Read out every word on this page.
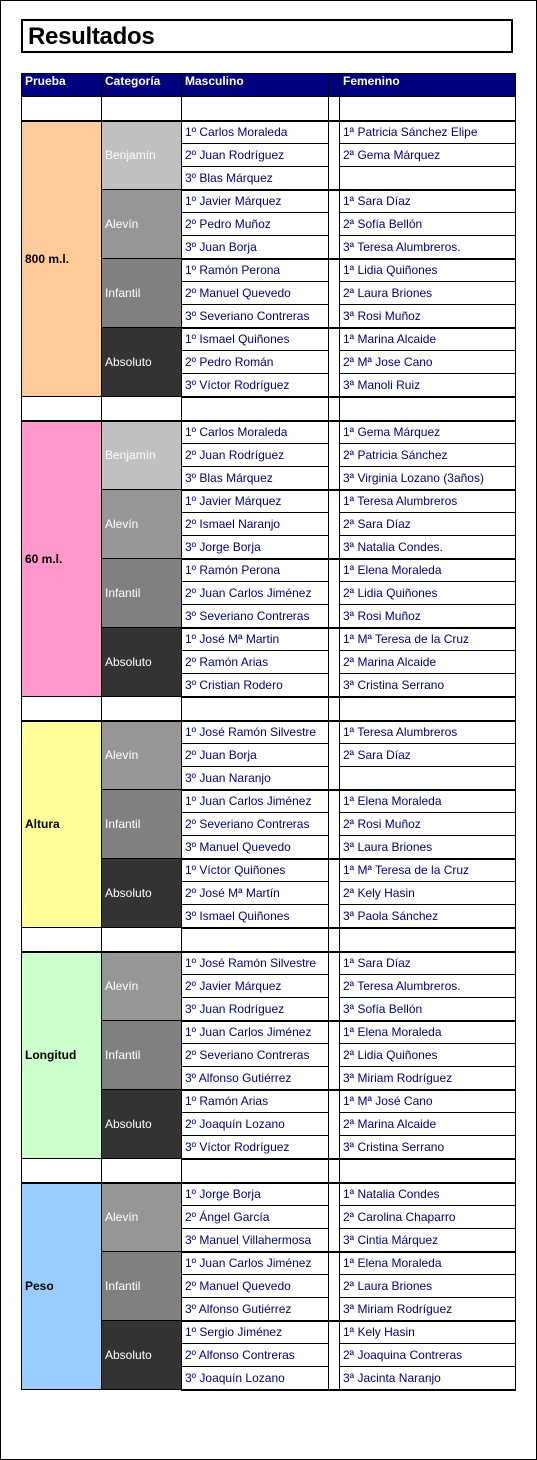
Resultados
Prueba	Categoría	Masculino		Femenino

800 m.l.	Benjamín	1º Carlos Moraleda		1ª Patricia Sánchez Elipe
		2º Juan Rodríguez		2ª Gema Márquez
		3º Blas Márquez		
	Alevín	1º Javier Márquez		1ª Sara Díaz
		2º Pedro Muñoz		2ª Sofía Bellón
		3º Juan Borja		3ª Teresa Alumbreros.
	Infantil	1º Ramón Perona		1ª Lidia Quiñones
		2º Manuel Quevedo		2ª Laura Briones
		3º Severiano Contreras		3ª Rosi Muñoz
	Absoluto	1º Ismael Quiñones		1ª Marina Alcaide
		2º Pedro Román		2ª Mª Jose Cano
		3º Víctor Rodríguez		3ª Manoli Ruiz

60 m.l.	Benjamín	1º Carlos Moraleda		1ª Gema Márquez
		2º Juan Rodríguez		2ª Patricia Sánchez
		3º Blas Márquez		3ª Virginia Lozano (3años)
	Alevín	1º Javier Márquez		1ª Teresa Alumbreros
		2º Ismael Naranjo		2ª Sara Díaz
		3º Jorge Borja		3ª Natalia Condes.
	Infantil	1º Ramón Perona		1ª Elena Moraleda
		2º Juan Carlos Jiménez		2ª Lidia Quiñones
		3º Severiano Contreras		3ª Rosi Muñoz
	Absoluto	1º José Mª Martin		1ª Mª Teresa de la Cruz
		2º Ramón Arias		2ª Marina Alcaide
		3º Cristian Rodero		3ª Cristina Serrano

Altura	Alevín	1º José Ramón Silvestre		1ª Teresa Alumbreros
		2º Juan Borja		2ª Sara Díaz
		3º Juan Naranjo		
	Infantil	1º Juan Carlos Jiménez		1ª Elena Moraleda
		2º Severiano Contreras		2ª Rosi Muñoz
		3º Manuel Quevedo		3ª Laura Briones
	Absoluto	1º Víctor Quiñones		1ª Mª Teresa de la Cruz
		2º José Mª Martín		2ª Kely Hasin
		3º Ismael Quiñones		3ª Paola Sánchez

Longitud	Alevín	1º José Ramón Silvestre		1ª Sara Díaz
		2º Javier Márquez		2ª Teresa Alumbreros.
		3º Juan Rodríguez		3ª Sofía Bellón
	Infantil	1º Juan Carlos Jiménez		1ª Elena Moraleda
		2º Severiano Contreras		2ª Lidia Quiñones
		3º Alfonso Gutiérrez		3ª Miriam Rodríguez
	Absoluto	1º Ramón Arias		1ª Mª José Cano
		2º Joaquín Lozano		2ª Marina Alcaide
		3º Víctor Rodríguez		3ª Cristina Serrano

Peso	Alevín	1º Jorge Borja		1ª Natalia Condes
		2º Ángel García		2ª Carolina Chaparro
		3º Manuel Villahermosa		3ª Cintia Márquez
	Infantil	1º Juan Carlos Jiménez		1ª Elena Moraleda
		2º Manuel Quevedo		2ª Laura Briones
		3º Alfonso Gutiérrez		3ª Miriam Rodríguez
	Absoluto	1º Sergio Jiménez		1ª Kely Hasin
		2º Alfonso Contreras		2ª Joaquina Contreras
		3º Joaquín Lozano		3ª Jacinta Naranjo
